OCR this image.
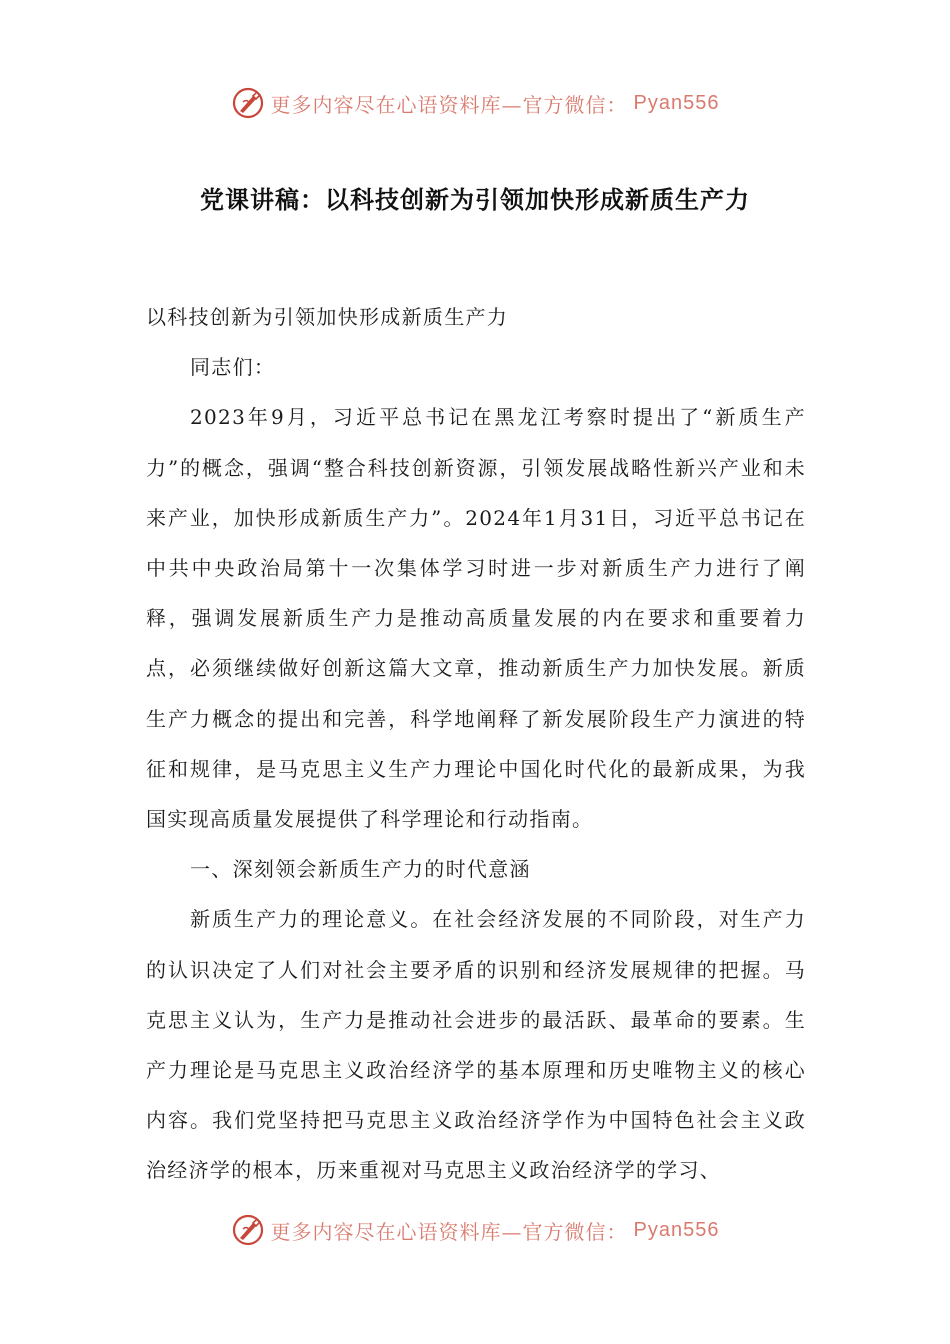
更多内容尽在心语资料库—官方微信： Pyan556
党课讲稿：以科技创新为引领加快形成新质生产力

以科技创新为引领加快形成新质生产力

同志们：

2023年9月，习近平总书记在黑龙江考察时提出了“新质生产力”的概念，强调“整合科技创新资源，引领发展战略性新兴产业和未来产业，加快形成新质生产力”。2024年1月31日，习近平总书记在中共中央政治局第十一次集体学习时进一步对新质生产力进行了阐释，强调发展新质生产力是推动高质量发展的内在要求和重要着力点，必须继续做好创新这篇大文章，推动新质生产力加快发展。新质生产力概念的提出和完善，科学地阐释了新发展阶段生产力演进的特征和规律，是马克思主义生产力理论中国化时代化的最新成果，为我国实现高质量发展提供了科学理论和行动指南。

一、深刻领会新质生产力的时代意涵

新质生产力的理论意义。在社会经济发展的不同阶段，对生产力的认识决定了人们对社会主要矛盾的识别和经济发展规律的把握。马克思主义认为，生产力是推动社会进步的最活跃、最革命的要素。生产力理论是马克思主义政治经济学的基本原理和历史唯物主义的核心内容。我们党坚持把马克思主义政治经济学作为中国特色社会主义政治经济学的根本，历来重视对马克思主义政治经济学的学习、

更多内容尽在心语资料库—官方微信： Pyan556
